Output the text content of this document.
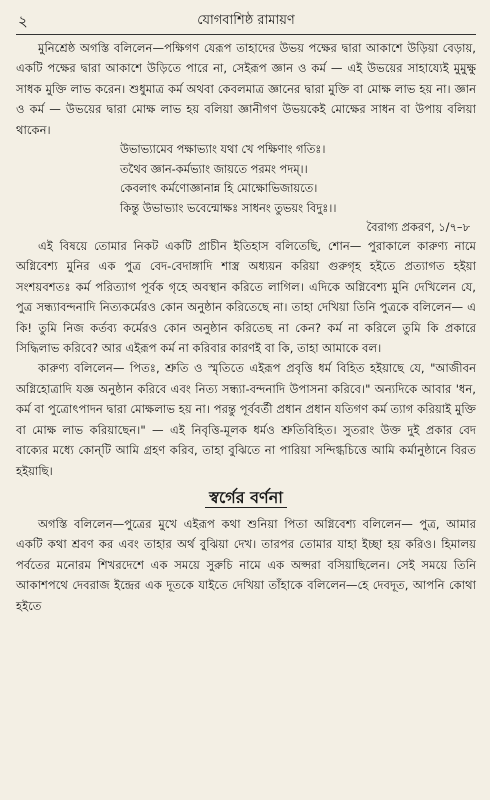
২	যোগবাশিষ্ঠ রামায়ণ

মুনিশ্রেষ্ঠ অগস্তি বলিলেন—পক্ষিগণ যেরূপ তাহাদের উভয় পক্ষের দ্বারা আকাশে উড়িয়া বেড়ায়, একটি পক্ষের দ্বারা আকাশে উড়িতে পারে না, সেইরূপ জ্ঞান ও কর্ম — এই উভয়ের সাহায্যেই মুমুক্ষু সাধক মুক্তি লাভ করেন। শুধুমাত্র কর্ম অথবা কেবলমাত্র জ্ঞানের দ্বারা মুক্তি বা মোক্ষ লাভ হয় না। জ্ঞান ও কর্ম — উভয়ের দ্বারা মোক্ষ লাভ হয় বলিয়া জ্ঞানীগণ উভয়কেই মোক্ষের সাধন বা উপায় বলিয়া থাকেন।

উভাভ্যামেব পক্ষাভ্যাং যথা খে পক্ষিণাং গতিঃ।
তথৈব জ্ঞান-কর্মভ্যাং জায়তে পরমং পদম্।।
কেবলাৎ কর্মণোজ্ঞানান্ন হি মোক্ষোভিজায়তে।
কিন্তু উভাভ্যাং ভবেন্মোক্ষঃ সাধনং তুভয়ং বিদুঃ।।
বৈরাগ্য প্রকরণ, ১/৭–৮

এই বিষয়ে তোমার নিকট একটি প্রাচীন ইতিহাস বলিতেছি, শোন— পুরাকালে কারুণ্য নামে অগ্নিবেশ্য মুনির এক পুত্র বেদ-বেদাঙ্গাদি শাস্ত্র অধ্যয়ন করিয়া গুরুগৃহ হইতে প্রত্যাগত হইয়া সংশয়বশতঃ কর্ম পরিত্যাগ পূর্বক গৃহে অবস্থান করিতে লাগিল। এদিকে অগ্নিবেশ্য মুনি দেখিলেন যে, পুত্র সন্ধ্যাবন্দনাদি নিত্যকর্মেরও কোন অনুষ্ঠান করিতেছে না। তাহা দেখিয়া তিনি পুত্রকে বলিলেন— এ কি! তুমি নিজ কর্তব্য কর্মেরও কোন অনুষ্ঠান করিতেছ না কেন? কর্ম না করিলে তুমি কি প্রকারে সিদ্ধিলাভ করিবে? আর এইরূপ কর্ম না করিবার কারণই বা কি, তাহা আমাকে বল।

কারুণ্য বলিলেন— পিতঃ, শ্রুতি ও স্মৃতিতে এইরূপ প্রবৃত্তি ধর্ম বিহিত হইয়াছে যে, "আজীবন অগ্নিহোত্রাদি যজ্ঞ অনুষ্ঠান করিবে এবং নিত্য সন্ধ্যা-বন্দনাদি উপাসনা করিবে।" অন্যদিকে আবার 'ধন, কর্ম বা পুত্রোৎপাদন দ্বারা মোক্ষলাভ হয় না। পরন্তু পূর্ববর্তী প্রধান প্রধান যতিগণ কর্ম ত্যাগ করিয়াই মুক্তি বা মোক্ষ লাভ করিয়াছেন।" — এই নিবৃত্তি-মূলক ধর্মও শ্রুতিবিহিত। সুতরাং উক্ত দুই প্রকার বেদ বাক্যের মধ্যে কোন্‌টি আমি গ্রহণ করিব, তাহা বুঝিতে না পারিয়া সন্দিগ্ধচিত্তে আমি কর্মানুষ্ঠানে বিরত হইয়াছি।

স্বর্গের বর্ণনা

অগস্তি বলিলেন—পুত্রের মুখে এইরূপ কথা শুনিয়া পিতা অগ্নিবেশ্য বলিলেন— পুত্র, আমার একটি কথা শ্রবণ কর এবং তাহার অর্থ বুঝিয়া দেখ। তারপর তোমার যাহা ইচ্ছা হয় করিও। হিমালয় পর্বতের মনোরম শিখরদেশে এক সময়ে সুরুচি নামে এক অপ্সরা বসিয়াছিলেন। সেই সময়ে তিনি আকাশপথে দেবরাজ ইন্দ্রের এক দূতকে যাইতে দেখিয়া তাঁহাকে বলিলেন—হে দেবদূত, আপনি কোথা হইতে
